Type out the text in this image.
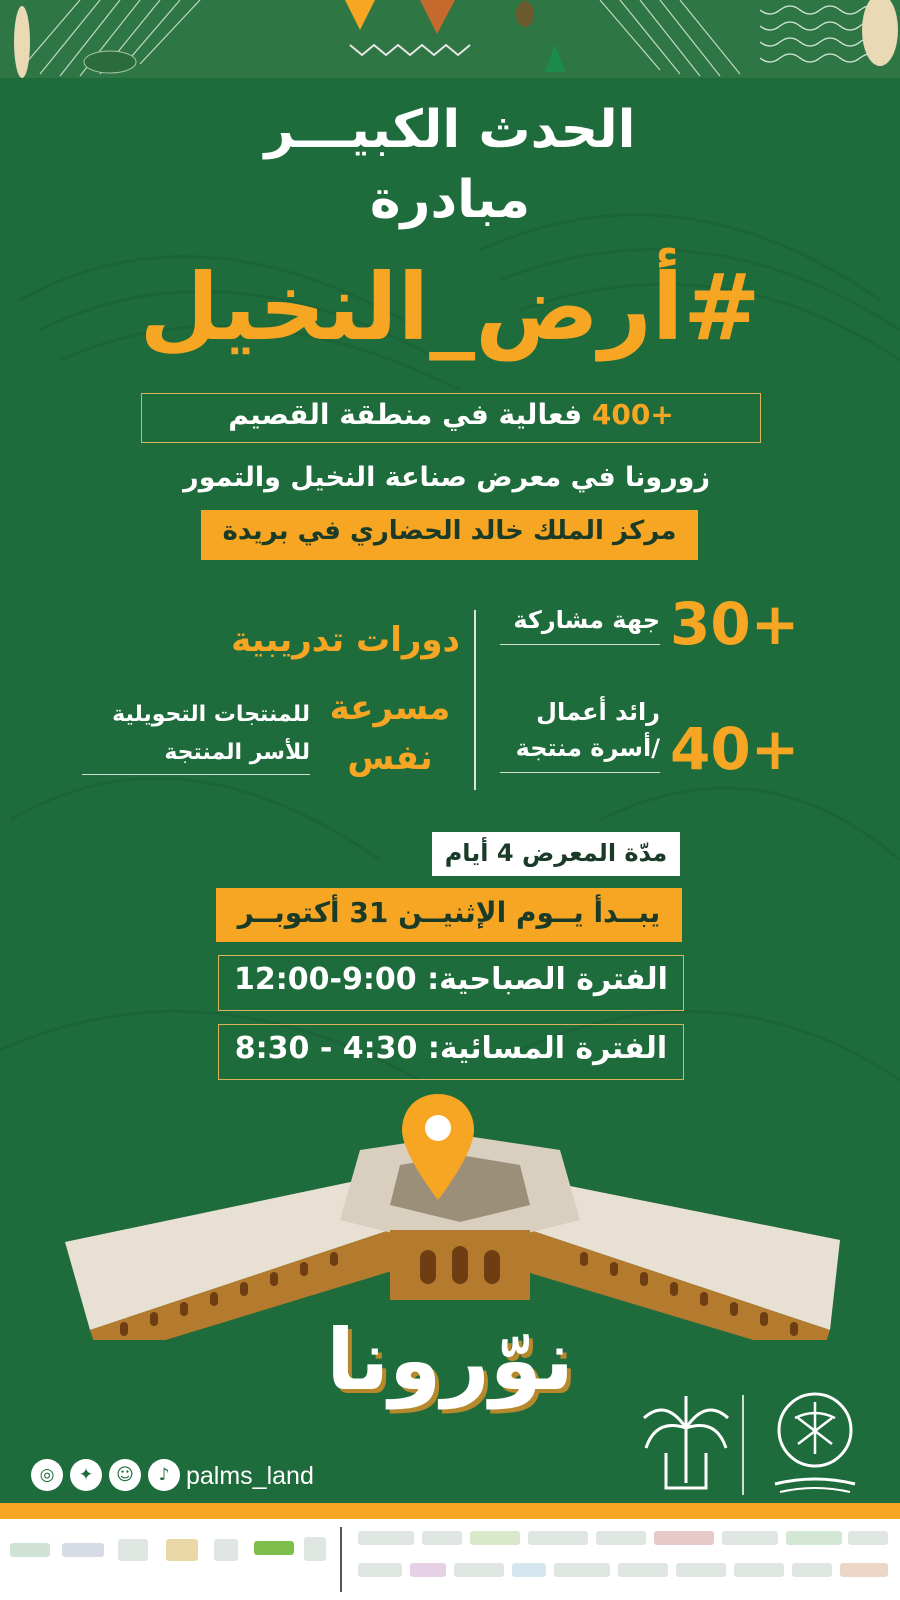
الحدث الكبيـــر
مبادرة
#أرض_النخيل
+400 فعالية في منطقة القصيم
زورونا في معرض صناعة النخيل والتمور
مركز الملك خالد الحضاري في بريدة
30+
جهة مشاركة
40+
رائد أعمال
/أسرة منتجة
دورات تدريبية
مسرعة
نفس
للمنتجات التحويلية
للأسر المنتجة
مدّة المعرض 4 أيام
يبــدأ يــوم الإثنيــن 31 أكتوبــر
الفترة الصباحية: 9:00-12:00
الفترة المسائية: 4:30 - 8:30
نوّرونا
◎	✦	☺	♪ palms_land
